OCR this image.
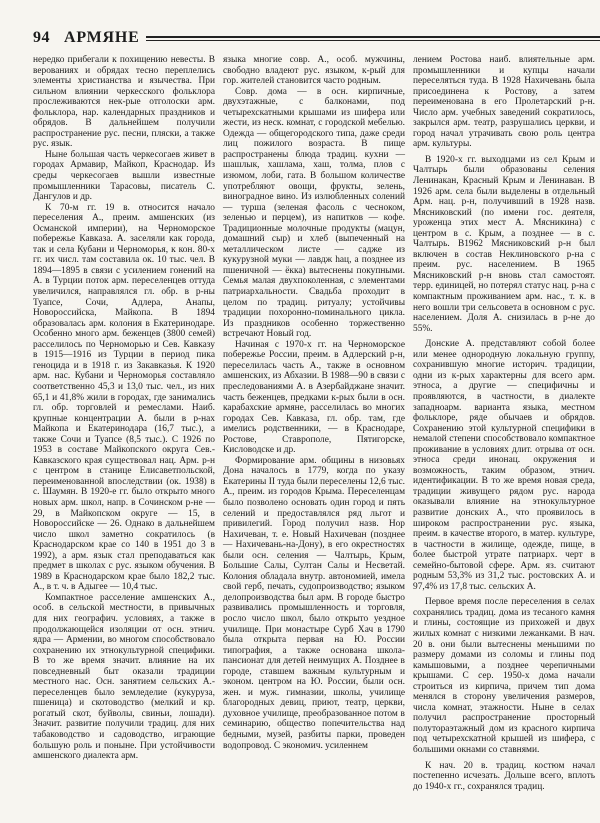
94 АРМЯНЕ

нередко прибегали к похищению невесты. В верованиях и обрядах тесно переплелись элементы христианства и язычества. При сильном влиянии черкесского фольклора прослеживаются нек-рые отголоски арм. фольклора, нар. календарных праздников и обрядов. В дальнейшем получили распространение рус. песни, пляски, а также рус. язык.

Ныне большая часть черкесогаев живет в городах Армавир, Майкоп, Краснодар. Из среды черкесогаев вышли известные промышленники Тарасовы, писатель С. Дангулов и др.

К 70-м гг. 19 в. относится начало переселения А., преим. амшенских (из Османской империи), на Черноморское побережье Кавказа. А. заселяли как города, так и села Кубани и Черноморья, к кон. 80-х гг. их числ. там составила ок. 10 тыс. чел. В 1894—1895 в связи с усилением гонений на А. в Турции поток арм. переселенцев оттуда увеличился, направлялся гл. обр. в р-ны Туапсе, Сочи, Адлера, Анапы, Новороссийска, Майкопа. В 1894 образовалась арм. колония в Екатеринодаре. Особенно много арм. беженцев (3800 семей) расселилось по Черноморью и Сев. Кавказу в 1915—1916 из Турции в период пика геноцида и в 1918 г. из Закавказья. К 1920 арм. нас. Кубани и Черноморья составляло соответственно 45,3 и 13,0 тыс. чел., из них 65,1 и 41,8% жили в городах, где занимались гл. обр. торговлей и ремеслами. Наиб. крупные концентрации А. были в р-нах Майкопа и Екатеринодара (16,7 тыс.), а также Сочи и Туапсе (8,5 тыс.). С 1926 по 1953 в составе Майкопского округа Сев.-Кавказского края существовал нац. Арм. р-н с центром в станице Елисаветпольской, переименованной впоследствии (ок. 1938) в с. Шаумян. В 1920-е гг. было открыто много новых арм. школ, напр. в Сочинском р-не — 29, в Майкопском округе — 15, в Новороссийске — 26. Однако в дальнейшем число школ заметно сократилось (в Краснодарском крае со 140 в 1951 до 3 в 1992), а арм. язык стал преподаваться как предмет в школах с рус. языком обучения. В 1989 в Краснодарском крае было 182,2 тыс. А., в т. ч. в Адыгее — 10,4 тыс.

Компактное расселение амшенских А., особ. в сельской местности, в привычных для них географич. условиях, а также в продолжающейся изоляции от осн. этнич. ядра — Армении, во многом способствовало сохранению их этнокультурной специфики. В то же время значит. влияние на их повседневный быт оказали традиции местного нас. Осн. занятием сельских А.-переселенцев было земледелие (кукуруза, пшеница) и скотоводство (мелкий и кр. рогатый скот, буйволы, свиньи, лошади). Значит. развитие получили традиц. для них табаководство и садоводство, играющие большую роль и поныне. При устойчивости амшенского диалекта арм.

языка многие совр. А., особ. мужчины, свободно владеют рус. языком, к-рый для гор. жителей становится часто родным.

Совр. дома — в осн. кирпичные, двухэтажные, с балконами, под четырехскатными крышами из шифера или жести, из неск. комнат, с городской мебелью. Одежда — общегородского типа, даже среди лиц пожилого возраста. В пище распространены блюда традиц. кухни — шашлык, хашлама, хаш, толма, плов с изюмом, лоби, гата. В большом количестве употребляют овощи, фрукты, зелень, виноградное вино. Из излюбленных солений — турша (зеленая фасоль с чесноком, зеленью и перцем), из напитков — кофе. Традиционные молочные продукты (мацун, домашний сыр) и хлеб (выпеченный на металлическом листе — садже из кукурузной муки — лавдж hац, а позднее из пшеничной — ёкка) вытеснены покупными. Семья малая двухпоколенная, с элементами патриархальности. Свадьба проходит в целом по традиц. ритуалу; устойчивы традиции похоронно-поминального цикла. Из праздников особенно торжественно встречают Новый год.

Начиная с 1970-х гг. на Черноморское побережье России, преим. в Адлерский р-н, переселилась часть А., также в основном амшенских, из Абхазии. В 1988—90 в связи с преследованиями А. в Азербайджане значит. часть беженцев, предками к-рых были в осн. карабахские армяне, расселилась во многих городах Сев. Кавказа, гл. обр. там, где имелись родственники, — в Краснодаре, Ростове, Ставрополе, Пятигорске, Кисловодске и др.

Формирование арм. общины в низовьях Дона началось в 1779, когда по указу Екатерины II туда были переселены 12,6 тыс. А., преим. из городов Крыма. Переселенцам было позволено основать один город и пять селений и предоставлялся ряд льгот и привилегий. Город получил назв. Нор Нахичеван, т. е. Новый Нахичеван (позднее — Нахичевань-на-Дону), в его окрестностях были осн. селения — Чалтырь, Крым, Большие Салы, Султан Салы и Несветай. Колония обладала внутр. автономией, имела свой герб, печать, судопроизводство; языком делопроизводства был арм. В городе быстро развивались промышленность и торговля, росло число школ, было открыто уездное училище. При монастыре Сурб Хач в 1790 была открыта первая на Ю. России типография, а также основана школа-пансионат для детей неимущих А. Позднее в городе, ставшем важным культурным и эконом. центром на Ю. России, были осн. жен. и муж. гимназии, школы, училище благородных девиц, приют, театр, церкви, духовное училище, преобразованное потом в семинарию, общество попечительства над бедными, музей, разбиты парки, проведен водопровод. С экономич. усиленнем

лением Ростова наиб. влиятельные арм. промышленники и купцы начали переселяться туда. В 1928 Нахичевань была присоединена к Ростову, а затем переименована в его Пролетарский р-н. Число арм. учебных заведений сократилось, закрылся арм. театр, разрушались церкви, и город начал утрачивать свою роль центра арм. культуры.

В 1920-х гг. выходцами из сел Крым и Чалтырь были образованы селения Ленинакан, Красный Крым и Ленинаван. В 1926 арм. села были выделены в отдельный Арм. нац. р-н, получивший в 1928 назв. Мясниковский (по имени гос. деятеля, уроженца этих мест А. Мясникина) с центром в с. Крым, а позднее — в с. Чалтырь. В1962 Мясниковский р-н был включен в состав Неклиновского р-на с преим. рус. населением. В 1965 Мясниковский р-н вновь стал самостоят. терр. единицей, но потерял статус нац. р-на с компактным проживанием арм. нас., т. к. в него вошли три сельсовета в основном с рус. населением. Доля А. снизилась в р-не до 55%.

Донские А. представляют собой более или менее однородную локальную группу, сохранившую многие историч. традиции, одни из к-рых характерны для всего арм. этноса, а другие — специфичны и проявляются, в частности, в диалекте западноарм. варианта языка, местном фольклоре, ряде обычаев и обрядов. Сохранению этой культурной специфики в немалой степени способствовало компактное проживание в условиях длит. отрыва от осн. этноса среди инонац. окружения и возможность, таким образом, этнич. идентификации. В то же время новая среда, традиции живущего рядом рус. народа оказывали влияние на этнокультурное развитие донских А., что проявилось в широком распространении рус. языка, преим. в качестве второго, в матер. культуре, в частности в жилище, одежде, пище, в более быстрой утрате патриарх. черт в семейно-бытовой сфере. Арм. яз. считают родным 53,3% из 31,2 тыс. ростовских А. и 97,4% из 17,8 тыс. сельских А.

Первое время после переселения в селах сохранялись традиц. дома из тесаного камня и глины, состоящие из прихожей и двух жилых комнат с низкими лежанками. В нач. 20 в. они были вытеснены меньшими по размеру домами из соломы и глины под камышовыми, а позднее черепичными крышами. С сер. 1950-х дома начали строиться из кирпича, причем тип дома менялся в сторону увеличения размеров, числа комнат, этажности. Ныне в селах получил распространение просторный полутораэтажный дом из красного кирпича под четырехскатной крышей из шифера, с большими окнами со ставнями.

К нач. 20 в. традиц. костюм начал постепенно исчезать. Дольше всего, вплоть до 1940-х гг., сохранялся традиц.
